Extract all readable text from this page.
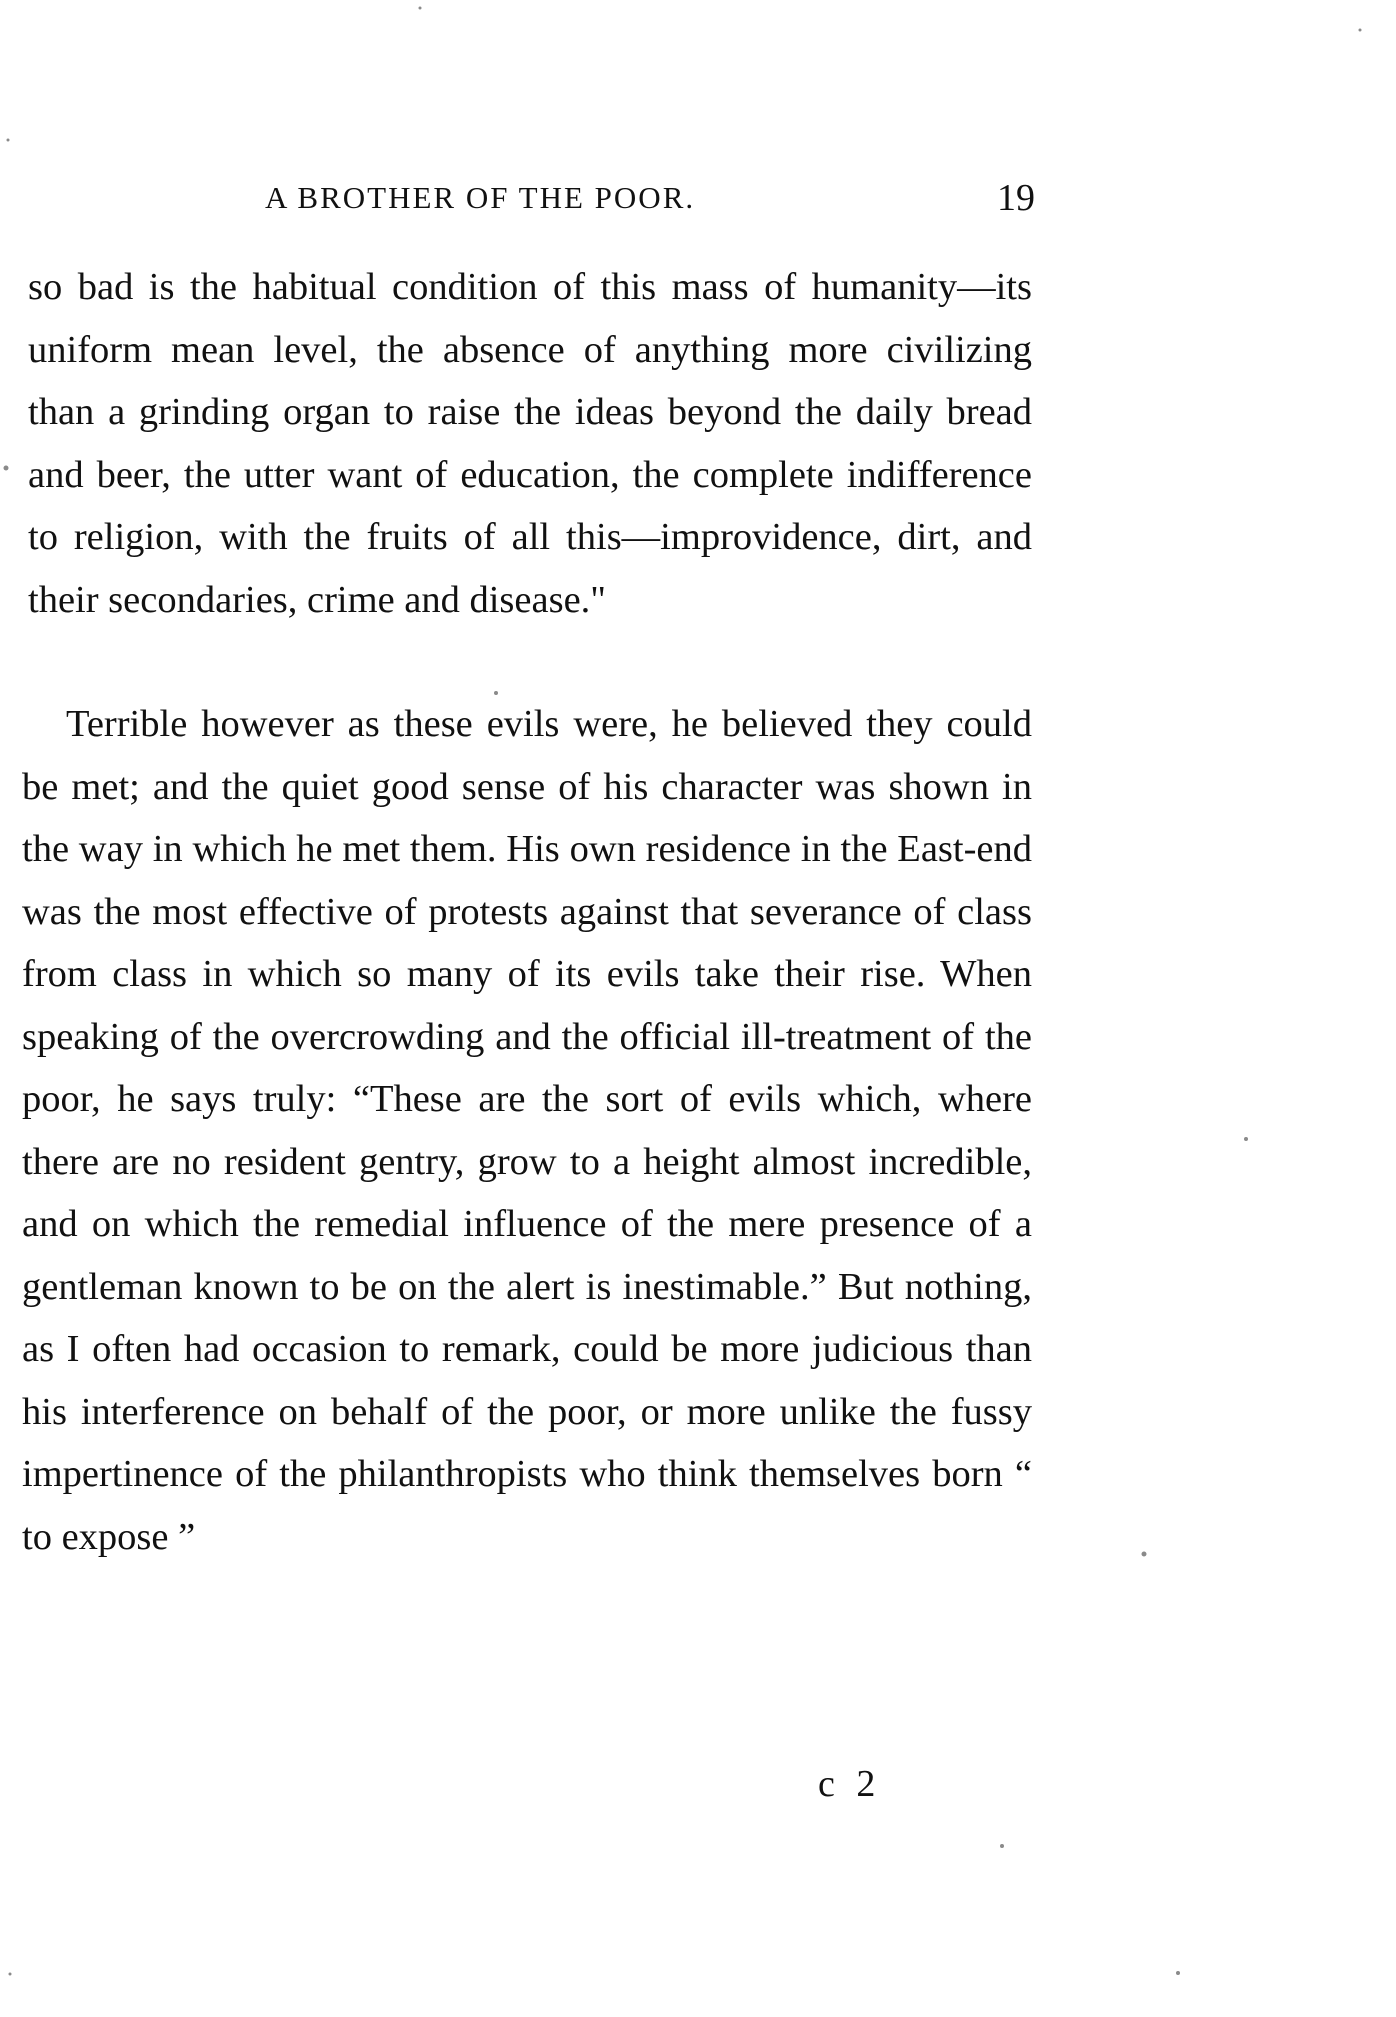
A BROTHER OF THE POOR.	19

so bad is the habitual condition of this mass of humanity—its uniform mean level, the absence of anything more civilizing than a grinding organ to raise the ideas beyond the daily bread and beer, the utter want of education, the complete indifference to religion, with the fruits of all this—improvidence, dirt, and their secondaries, crime and disease."

Terrible however as these evils were, he believed they could be met; and the quiet good sense of his character was shown in the way in which he met them. His own residence in the East-end was the most effective of protests against that severance of class from class in which so many of its evils take their rise. When speaking of the overcrowding and the official ill-treatment of the poor, he says truly: “These are the sort of evils which, where there are no resident gentry, grow to a height almost incredible, and on which the remedial influence of the mere presence of a gentleman known to be on the alert is inestimable.” But nothing, as I often had occasion to remark, could be more judicious than his interference on behalf of the poor, or more unlike the fussy impertinence of the philanthropists who think themselves born “ to expose ”

c 2
